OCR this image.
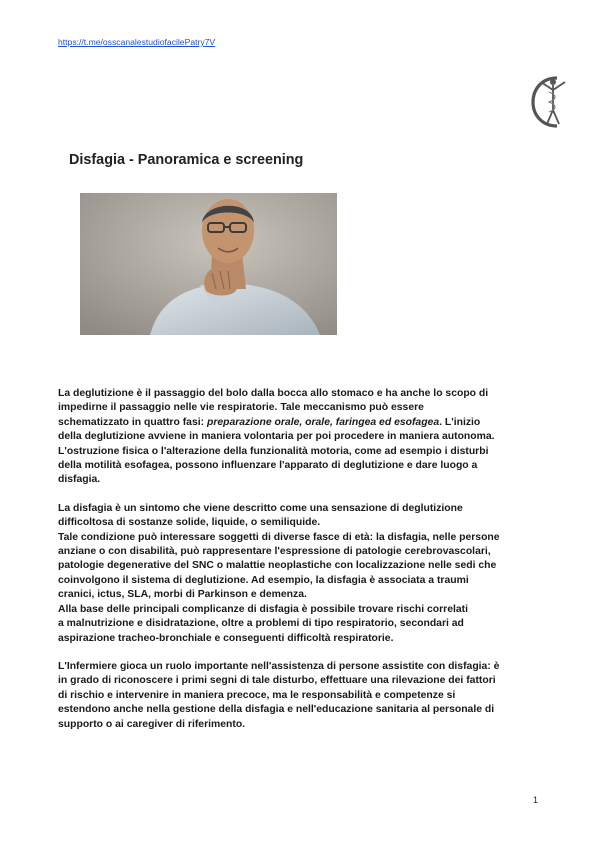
https://t.me/osscanalestudiofacilePatry7V
Disfagia - Panoramica e screening

La deglutizione è il passaggio del bolo dalla bocca allo stomaco e ha anche lo scopo di
impedirne il passaggio nelle vie respiratorie. Tale meccanismo può essere
schematizzato in quattro fasi: preparazione orale, orale, faringea ed esofagea. L'inizio
della deglutizione avviene in maniera volontaria per poi procedere in maniera autonoma.
L'ostruzione fisica o l'alterazione della funzionalità motoria, come ad esempio i disturbi
della motilità esofagea, possono influenzare l'apparato di deglutizione e dare luogo a
disfagia.

La disfagia è un sintomo che viene descritto come una sensazione di deglutizione
difficoltosa di sostanze solide, liquide, o semiliquide.
Tale condizione può interessare soggetti di diverse fasce di età: la disfagia, nelle persone
anziane o con disabilità, può rappresentare l'espressione di patologie cerebrovascolari,
patologie degenerative del SNC o malattie neoplastiche con localizzazione nelle sedi che
coinvolgono il sistema di deglutizione. Ad esempio, la disfagia è associata a traumi
cranici, ictus, SLA, morbi di Parkinson e demenza.
Alla base delle principali complicanze di disfagia è possibile trovare rischi correlati
a malnutrizione e disidratazione, oltre a problemi di tipo respiratorio, secondari ad
aspirazione tracheo-bronchiale e conseguenti difficoltà respiratorie.

L'Infermiere gioca un ruolo importante nell'assistenza di persone assistite con disfagia: è
in grado di riconoscere i primi segni di tale disturbo, effettuare una rilevazione dei fattori
di rischio e intervenire in maniera precoce, ma le responsabilità e competenze si
estendono anche nella gestione della disfagia e nell'educazione sanitaria al personale di
supporto o ai caregiver di riferimento.

1
